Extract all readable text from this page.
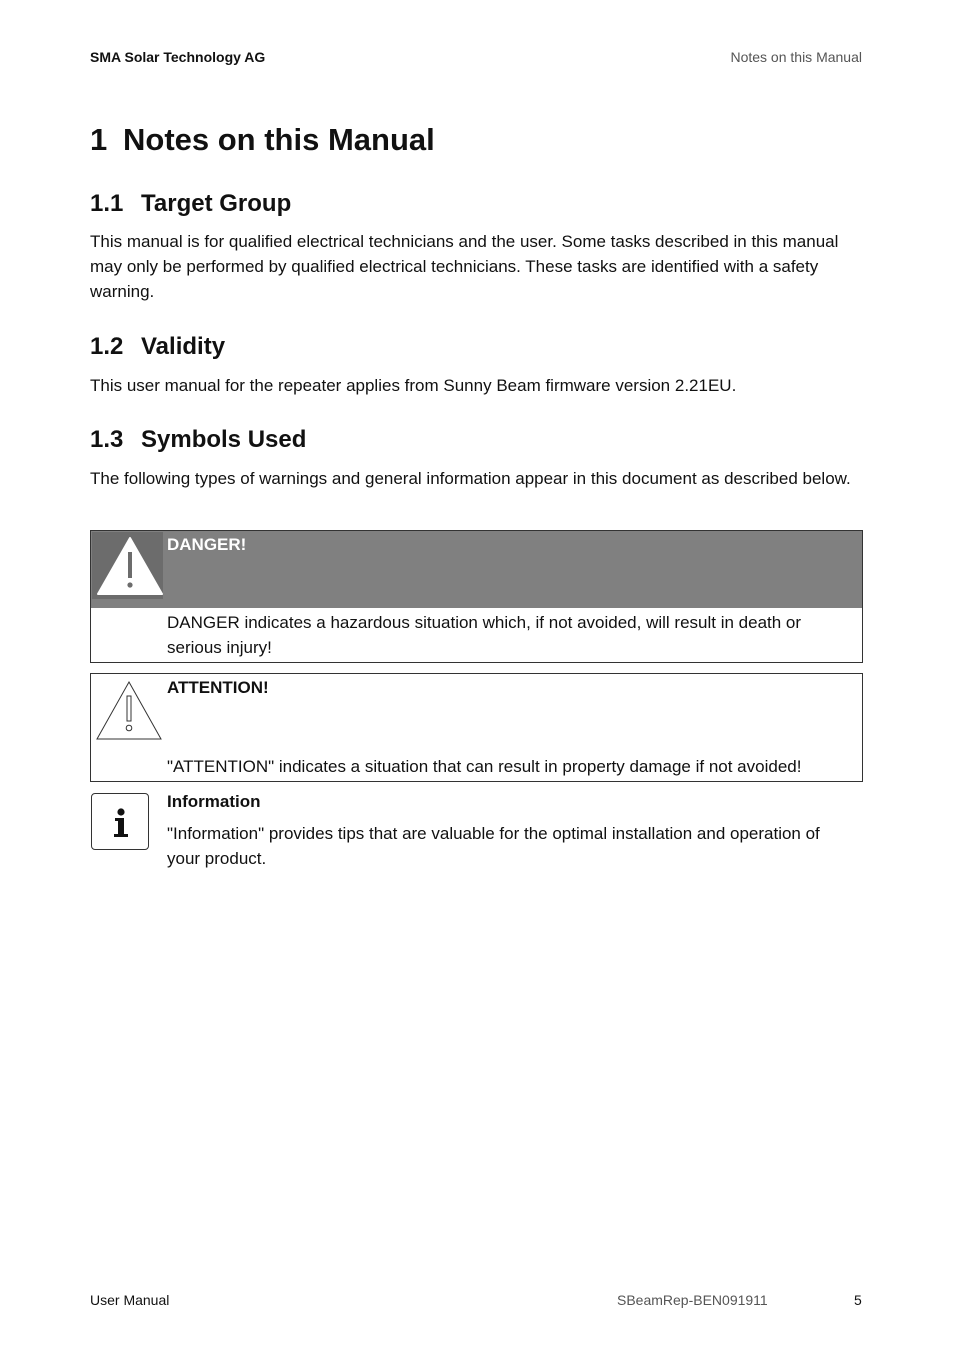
SMA Solar Technology AG	Notes on this Manual
1 Notes on this Manual
1.1 Target Group

This manual is for qualified electrical technicians and the user. Some tasks described in this manual may only be performed by qualified electrical technicians. These tasks are identified with a safety warning.

1.2 Validity

This user manual for the repeater applies from Sunny Beam firmware version 2.21EU.

1.3 Symbols Used

The following types of warnings and general information appear in this document as described below.

DANGER!

DANGER indicates a hazardous situation which, if not avoided, will result in death or serious injury!

ATTENTION!

"ATTENTION" indicates a situation that can result in property damage if not avoided!

Information

"Information" provides tips that are valuable for the optimal installation and operation of your product.

User Manual	SBeamRep-BEN091911	5
